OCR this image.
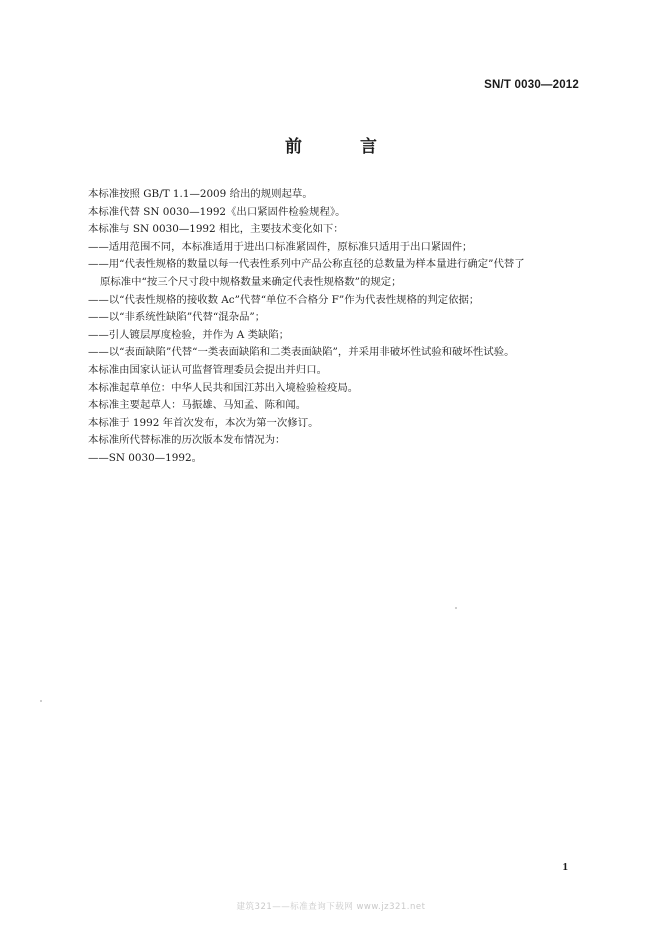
SN/T 0030—2012
前 言
本标准按照 GB/T 1.1—2009 给出的规则起草。
本标准代替 SN 0030—1992《出口紧固件检验规程》。
本标准与 SN 0030—1992 相比，主要技术变化如下：
——适用范围不同，本标准适用于进出口标准紧固件，原标准只适用于出口紧固件；
——用“代表性规格的数量以每一代表性系列中产品公称直径的总数量为样本量进行确定”代替了
原标准中“按三个尺寸段中规格数量来确定代表性规格数”的规定；
——以“代表性规格的接收数 Ac”代替“单位不合格分 F”作为代表性规格的判定依据；
——以“非系统性缺陷”代替“混杂品”；
——引人镀层厚度检验，并作为 A 类缺陷；
——以“表面缺陷”代替“一类表面缺陷和二类表面缺陷”，并采用非破坏性试验和破坏性试验。
本标准由国家认证认可监督管理委员会提出并归口。
本标准起草单位：中华人民共和国江苏出入境检验检疫局。
本标准主要起草人：马振雄、马知孟、陈和闻。
本标准于 1992 年首次发布，本次为第一次修订。
本标准所代替标准的历次版本发布情况为：
——SN 0030—1992。
1
建筑321——标准查询下载网 www.jz321.net
